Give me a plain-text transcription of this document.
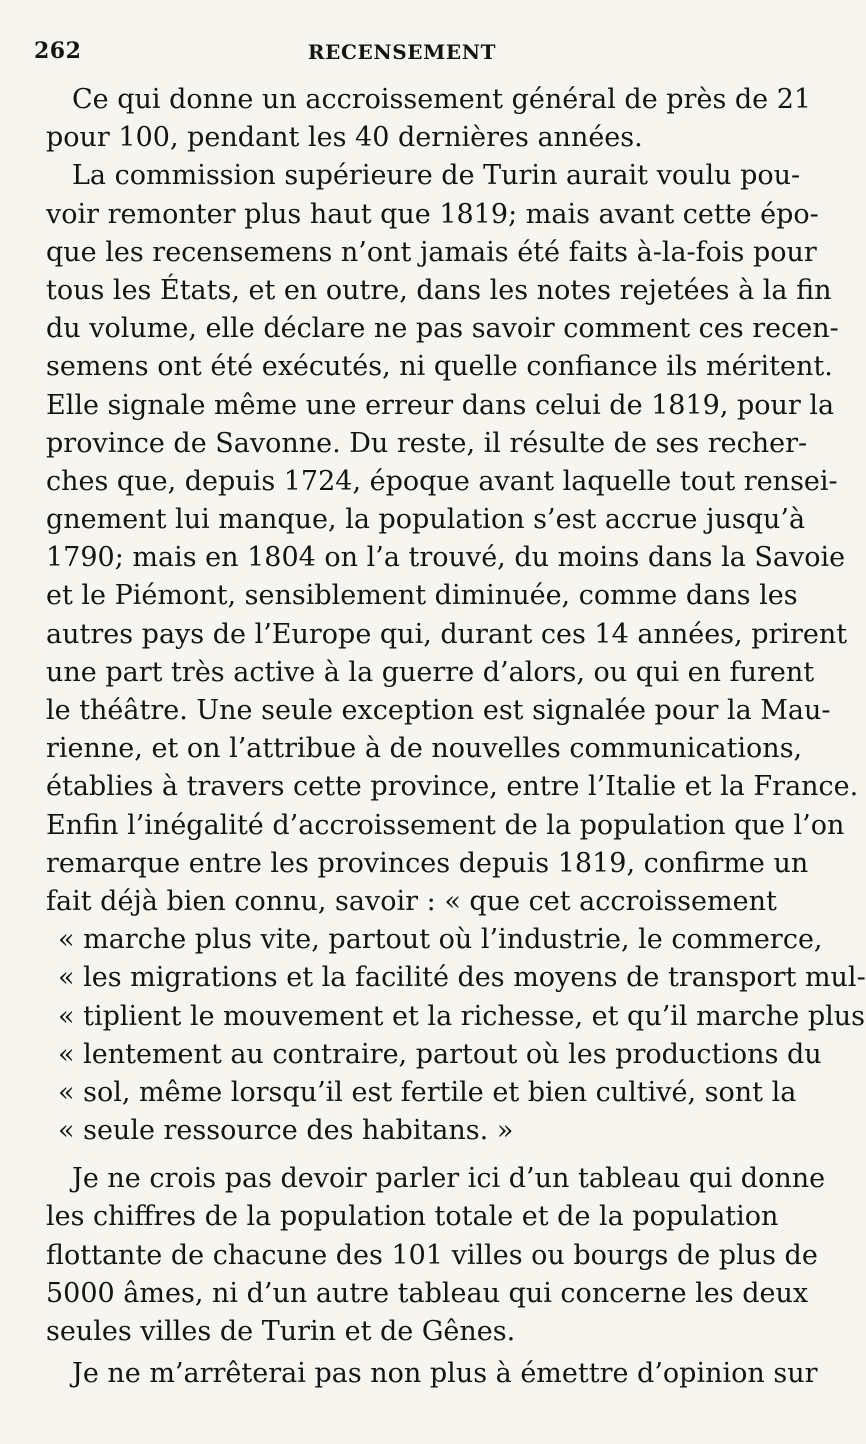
262	RECENSEMENT
Ce qui donne un accroissement général de près de 21
pour 100, pendant les 40 dernières années.
La commission supérieure de Turin aurait voulu pou-
voir remonter plus haut que 1819; mais avant cette épo-
que les recensemens n’ont jamais été faits à-la-fois pour
tous les États, et en outre, dans les notes rejetées à la fin
du volume, elle déclare ne pas savoir comment ces recen-
semens ont été exécutés, ni quelle confiance ils méritent.
Elle signale même une erreur dans celui de 1819, pour la
province de Savonne. Du reste, il résulte de ses recher-
ches que, depuis 1724, époque avant laquelle tout rensei-
gnement lui manque, la population s’est accrue jusqu’à
1790; mais en 1804 on l’a trouvé, du moins dans la Savoie
et le Piémont, sensiblement diminuée, comme dans les
autres pays de l’Europe qui, durant ces 14 années, prirent
une part très active à la guerre d’alors, ou qui en furent
le théâtre. Une seule exception est signalée pour la Mau-
rienne, et on l’attribue à de nouvelles communications,
établies à travers cette province, entre l’Italie et la France.
Enfin l’inégalité d’accroissement de la population que l’on
remarque entre les provinces depuis 1819, confirme un
fait déjà bien connu, savoir : « que cet accroissement
« marche plus vite, partout où l’industrie, le commerce,
« les migrations et la facilité des moyens de transport mul-
« tiplient le mouvement et la richesse, et qu’il marche plus
« lentement au contraire, partout où les productions du
« sol, même lorsqu’il est fertile et bien cultivé, sont la
« seule ressource des habitans. »
Je ne crois pas devoir parler ici d’un tableau qui donne
les chiffres de la population totale et de la population
flottante de chacune des 101 villes ou bourgs de plus de
5000 âmes, ni d’un autre tableau qui concerne les deux
seules villes de Turin et de Gênes.
Je ne m’arrêterai pas non plus à émettre d’opinion sur
